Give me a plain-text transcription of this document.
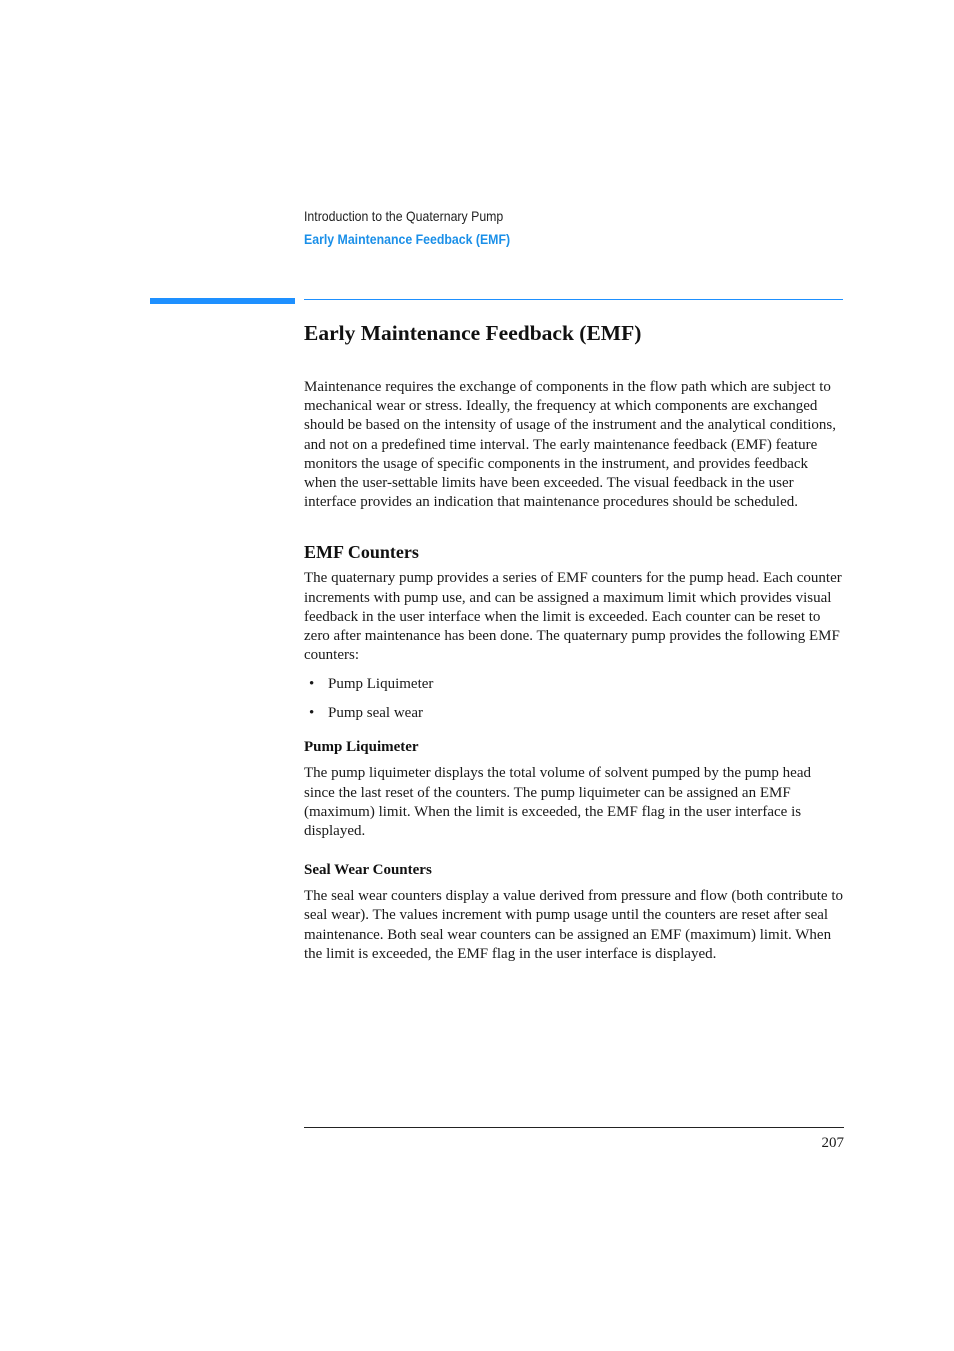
Introduction to the Quaternary Pump
Early Maintenance Feedback (EMF)
Early Maintenance Feedback (EMF)

Maintenance requires the exchange of components in the flow path which are subject to mechanical wear or stress. Ideally, the frequency at which components are exchanged should be based on the intensity of usage of the instrument and the analytical conditions, and not on a predefined time interval. The early maintenance feedback (EMF) feature monitors the usage of specific components in the instrument, and provides feedback when the user-settable limits have been exceeded. The visual feedback in the user interface provides an indication that maintenance procedures should be scheduled.

EMF Counters

The quaternary pump provides a series of EMF counters for the pump head. Each counter increments with pump use, and can be assigned a maximum limit which provides visual feedback in the user interface when the limit is exceeded. Each counter can be reset to zero after maintenance has been done. The quaternary pump provides the following EMF counters:

• Pump Liquimeter
• Pump seal wear
Pump Liquimeter

The pump liquimeter displays the total volume of solvent pumped by the pump head since the last reset of the counters. The pump liquimeter can be assigned an EMF (maximum) limit. When the limit is exceeded, the EMF flag in the user interface is displayed.

Seal Wear Counters

The seal wear counters display a value derived from pressure and flow (both contribute to seal wear). The values increment with pump usage until the counters are reset after seal maintenance. Both seal wear counters can be assigned an EMF (maximum) limit. When the limit is exceeded, the EMF flag in the user interface is displayed.

207
